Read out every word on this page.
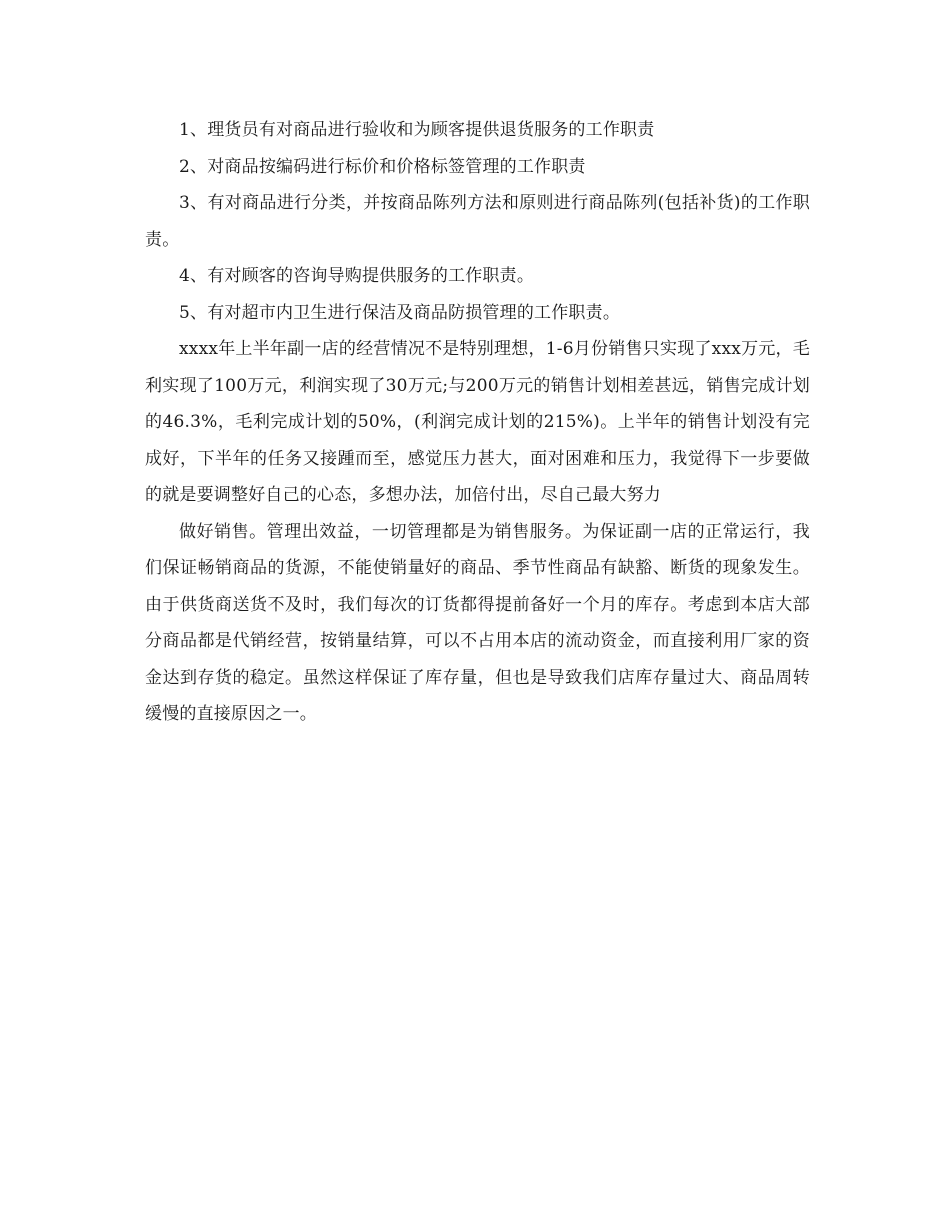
1、理货员有对商品进行验收和为顾客提供退货服务的工作职责

2、对商品按编码进行标价和价格标签管理的工作职责

3、有对商品进行分类，并按商品陈列方法和原则进行商品陈列(包括补货)的工作职责。

4、有对顾客的咨询导购提供服务的工作职责。

5、有对超市内卫生进行保洁及商品防损管理的工作职责。

xxxx年上半年副一店的经营情况不是特别理想，1-6月份销售只实现了xxx万元，毛利实现了100万元，利润实现了30万元;与200万元的销售计划相差甚远，销售完成计划的46.3%，毛利完成计划的50%，(利润完成计划的215%)。上半年的销售计划没有完成好，下半年的任务又接踵而至，感觉压力甚大，面对困难和压力，我觉得下一步要做的就是要调整好自己的心态，多想办法，加倍付出，尽自己最大努力

做好销售。管理出效益，一切管理都是为销售服务。为保证副一店的正常运行，我们保证畅销商品的货源，不能使销量好的商品、季节性商品有缺豁、断货的现象发生。由于供货商送货不及时，我们每次的订货都得提前备好一个月的库存。考虑到本店大部分商品都是代销经营，按销量结算，可以不占用本店的流动资金，而直接利用厂家的资金达到存货的稳定。虽然这样保证了库存量，但也是导致我们店库存量过大、商品周转缓慢的直接原因之一。
